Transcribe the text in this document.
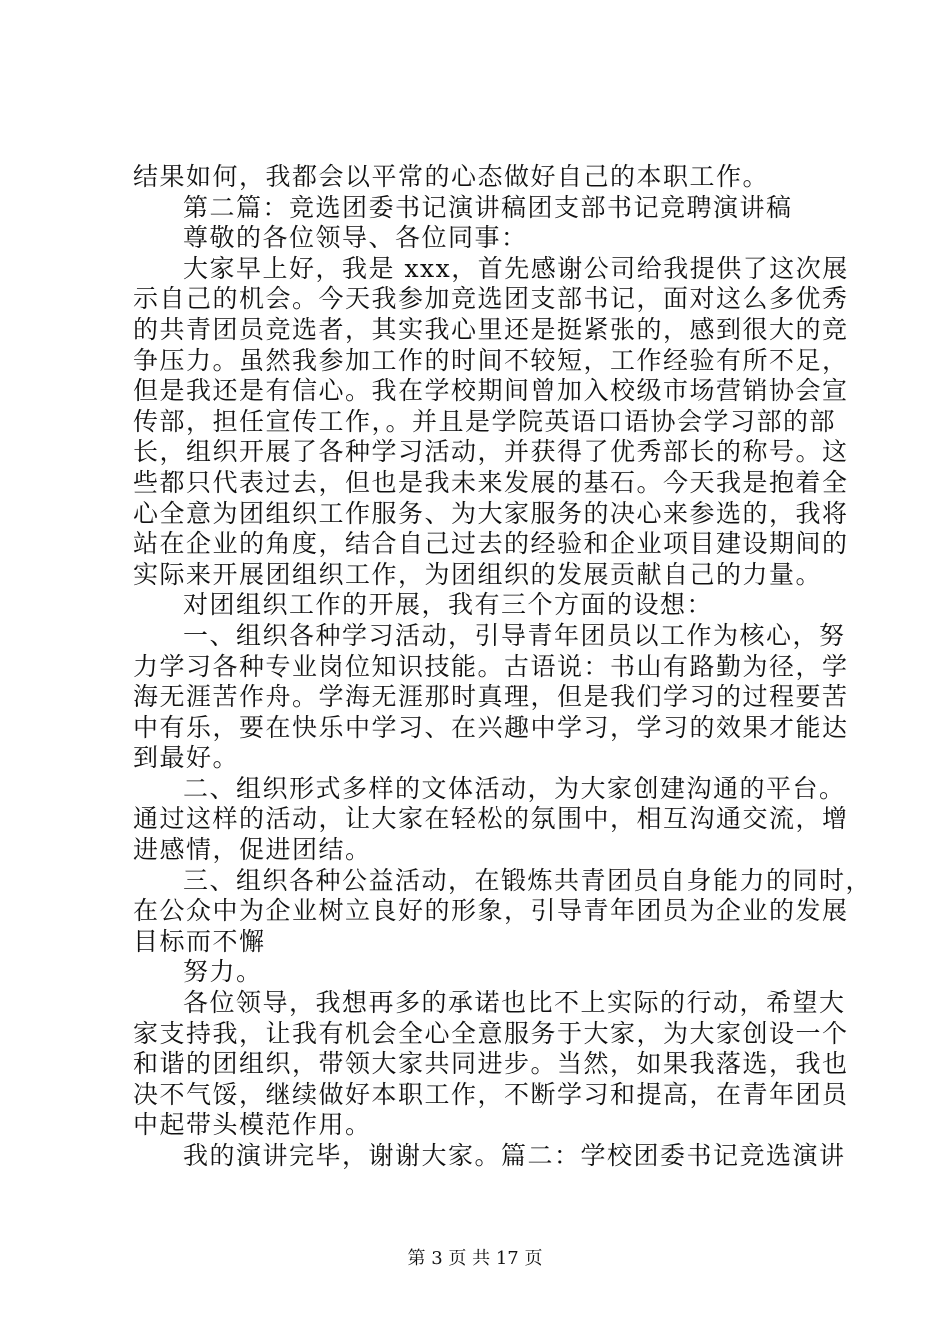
结果如何，我都会以平常的心态做好自己的本职工作。
第二篇：竞选团委书记演讲稿团支部书记竞聘演讲稿
尊敬的各位领导、各位同事：
大家早上好，我是 xxx，首先感谢公司给我提供了这次展
示自己的机会。今天我参加竞选团支部书记，面对这么多优秀
的共青团员竞选者，其实我心里还是挺紧张的，感到很大的竞
争压力。虽然我参加工作的时间不较短，工作经验有所不足，
但是我还是有信心。我在学校期间曾加入校级市场营销协会宣
传部，担任宣传工作，。并且是学院英语口语协会学习部的部
长，组织开展了各种学习活动，并获得了优秀部长的称号。这
些都只代表过去，但也是我未来发展的基石。今天我是抱着全
心全意为团组织工作服务、为大家服务的决心来参选的，我将
站在企业的角度，结合自己过去的经验和企业项目建设期间的
实际来开展团组织工作，为团组织的发展贡献自己的力量。
对团组织工作的开展，我有三个方面的设想：
一、组织各种学习活动，引导青年团员以工作为核心，努
力学习各种专业岗位知识技能。古语说：书山有路勤为径，学
海无涯苦作舟。学海无涯那时真理，但是我们学习的过程要苦
中有乐，要在快乐中学习、在兴趣中学习，学习的效果才能达
到最好。
二、组织形式多样的文体活动，为大家创建沟通的平台。
通过这样的活动，让大家在轻松的氛围中，相互沟通交流，增
进感情，促进团结。
三、组织各种公益活动，在锻炼共青团员自身能力的同时，
在公众中为企业树立良好的形象，引导青年团员为企业的发展
目标而不懈
努力。
各位领导，我想再多的承诺也比不上实际的行动，希望大
家支持我，让我有机会全心全意服务于大家，为大家创设一个
和谐的团组织，带领大家共同进步。当然，如果我落选，我也
决不气馁，继续做好本职工作，不断学习和提高，在青年团员
中起带头模范作用。
我的演讲完毕，谢谢大家。篇二：学校团委书记竞选演讲
第 3 页 共 17 页
